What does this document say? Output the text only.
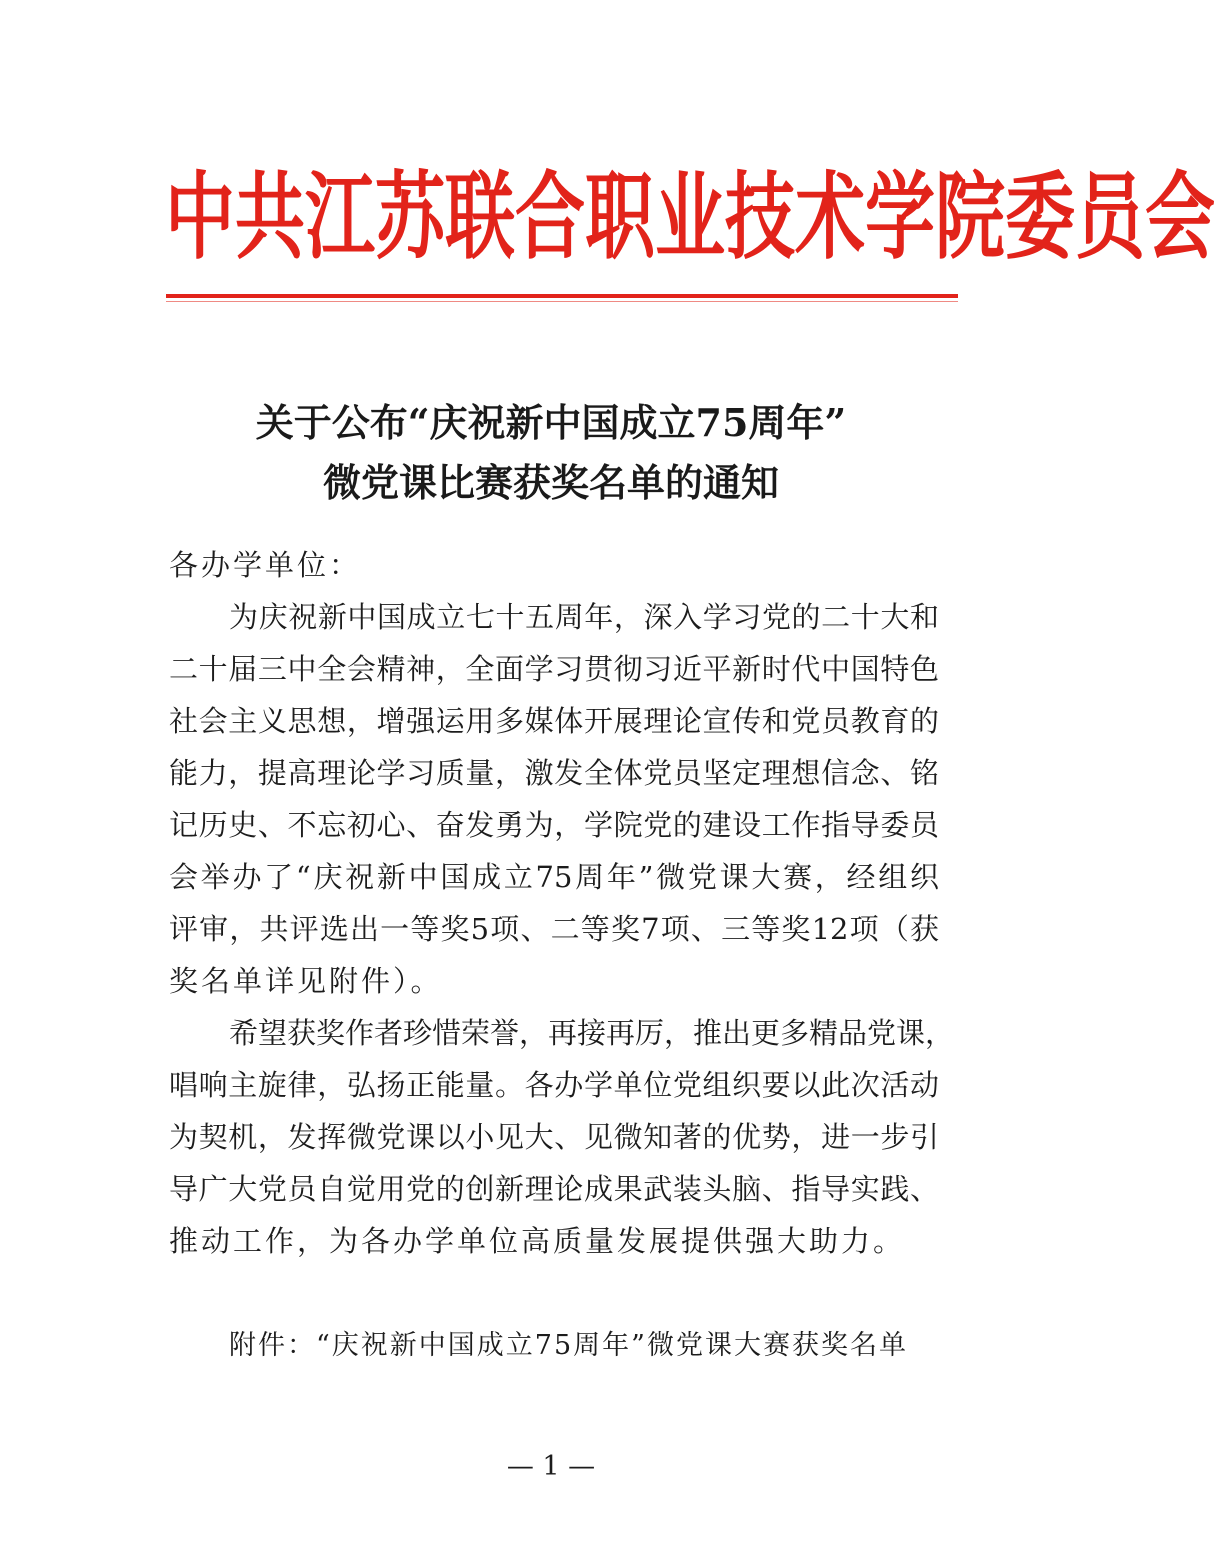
中共江苏联合职业技术学院委员会
关于公布“庆祝新中国成立75周年”
微党课比赛获奖名单的通知
各办学单位：
为庆祝新中国成立七十五周年，深入学习党的二十大和
二十届三中全会精神，全面学习贯彻习近平新时代中国特色
社会主义思想，增强运用多媒体开展理论宣传和党员教育的
能力，提高理论学习质量，激发全体党员坚定理想信念、铭
记历史、不忘初心、奋发勇为，学院党的建设工作指导委员
会举办了“庆祝新中国成立75周年”微党课大赛，经组织
评审，共评选出一等奖5项、二等奖7项、三等奖12项（获
奖名单详见附件）。
希望获奖作者珍惜荣誉，再接再厉，推出更多精品党课，
唱响主旋律，弘扬正能量。各办学单位党组织要以此次活动
为契机，发挥微党课以小见大、见微知著的优势，进一步引
导广大党员自觉用党的创新理论成果武装头脑、指导实践、
推动工作，为各办学单位高质量发展提供强大助力。
附件：“庆祝新中国成立75周年”微党课大赛获奖名单
— 1 —
